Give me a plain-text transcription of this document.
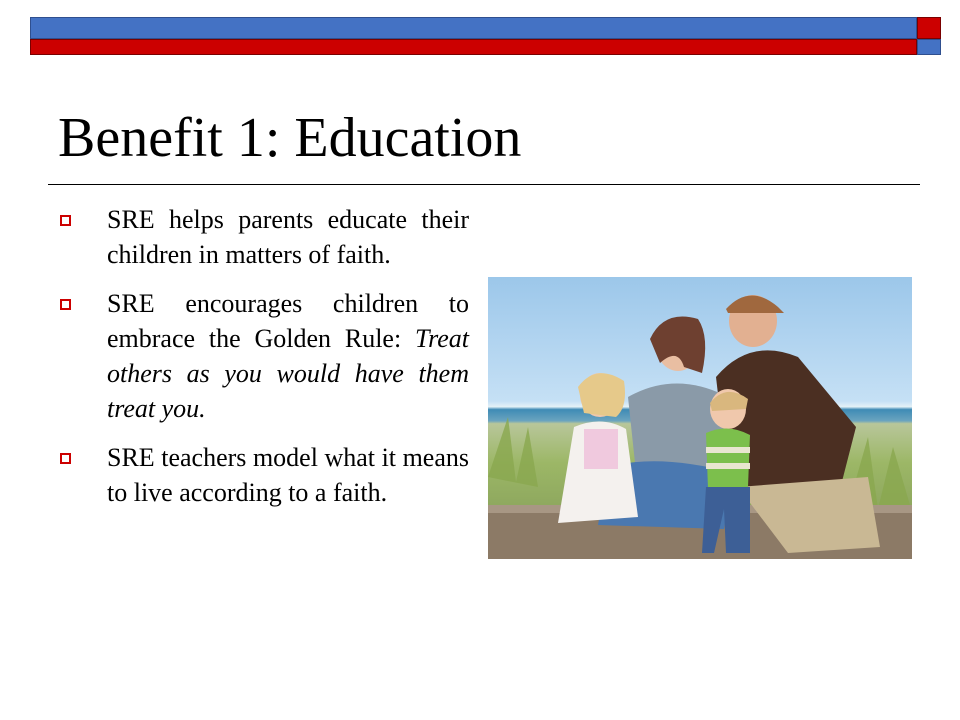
Benefit 1: Education
SRE helps parents educate their children in matters of faith.
SRE encourages children to embrace the Golden Rule: Treat others as you would have them treat you.
SRE teachers model what it means to live according to a faith.
